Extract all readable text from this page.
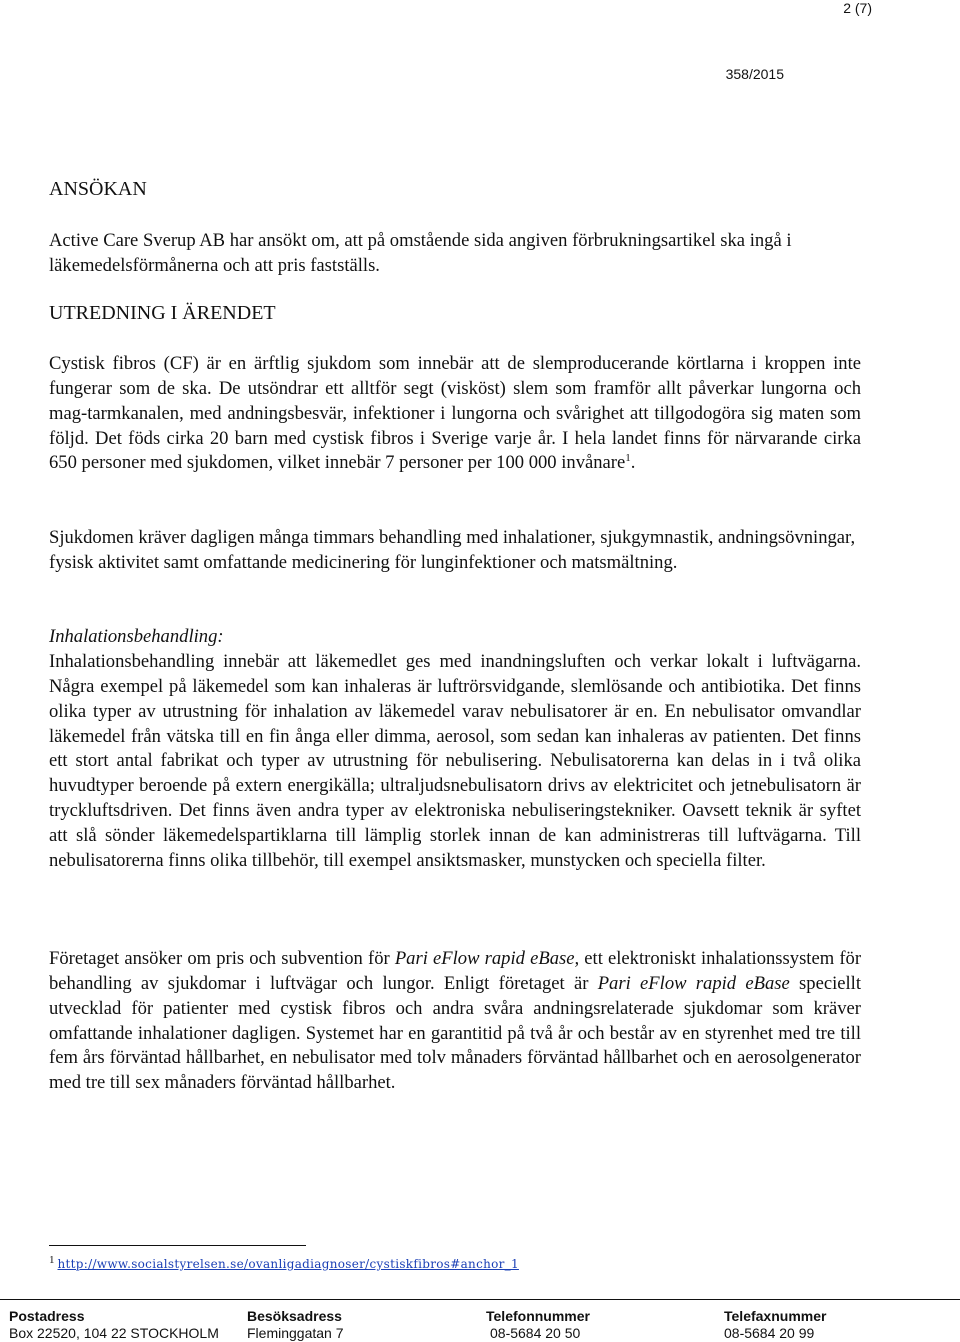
2 (7)
358/2015
ANSÖKAN

Active Care Sverup AB har ansökt om, att på omstående sida angiven förbrukningsartikel ska ingå i läkemedelsförmånerna och att pris fastställs.

UTREDNING I ÄRENDET

Cystisk fibros (CF) är en ärftlig sjukdom som innebär att de slemproducerande körtlarna i kroppen inte fungerar som de ska. De utsöndrar ett alltför segt (visköst) slem som framför allt påverkar lungorna och mag-tarmkanalen, med andningsbesvär, infektioner i lungorna och svårighet att tillgodogöra sig maten som följd. Det föds cirka 20 barn med cystisk fibros i Sverige varje år. I hela landet finns för närvarande cirka 650 personer med sjukdomen, vilket innebär 7 personer per 100 000 invånare$^1$.

Sjukdomen kräver dagligen många timmars behandling med inhalationer, sjukgymnastik, andningsövningar, fysisk aktivitet samt omfattande medicinering för lunginfektioner och matsmältning.

Inhalationsbehandling:

Inhalationsbehandling innebär att läkemedlet ges med inandningsluften och verkar lokalt i luftvägarna. Några exempel på läkemedel som kan inhaleras är luftrörsvidgande, slemlösande och antibiotika. Det finns olika typer av utrustning för inhalation av läkemedel varav nebulisatorer är en. En nebulisator omvandlar läkemedel från vätska till en fin ånga eller dimma, aerosol, som sedan kan inhaleras av patienten. Det finns ett stort antal fabrikat och typer av utrustning för nebulisering. Nebulisatorerna kan delas in i två olika huvudtyper beroende på extern energikälla; ultraljudsnebulisatorn drivs av elektricitet och jetnebulisatorn är tryckluftsdriven. Det finns även andra typer av elektroniska nebuliseringstekniker. Oavsett teknik är syftet att slå sönder läkemedelspartiklarna till lämplig storlek innan de kan administreras till luftvägarna. Till nebulisatorerna finns olika tillbehör, till exempel ansiktsmasker, munstycken och speciella filter.

Företaget ansöker om pris och subvention för Pari eFlow rapid eBase, ett elektroniskt inhalationssystem för behandling av sjukdomar i luftvägar och lungor. Enligt företaget är Pari eFlow rapid eBase speciellt utvecklad för patienter med cystisk fibros och andra svåra andningsrelaterade sjukdomar som kräver omfattande inhalationer dagligen. Systemet har en garantitid på två år och består av en styrenhet med tre till fem års förväntad hållbarhet, en nebulisator med tolv månaders förväntad hållbarhet och en aerosolgenerator med tre till sex månaders förväntad hållbarhet.

$^1$ http://www.socialstyrelsen.se/ovanligadiagnoser/cystiskfibros#anchor_1
Postadress
Box 22520, 104 22 STOCKHOLM
Besöksadress
Fleminggatan 7
Telefonnummer
08-5684 20 50
Telefaxnummer
08-5684 20 99
